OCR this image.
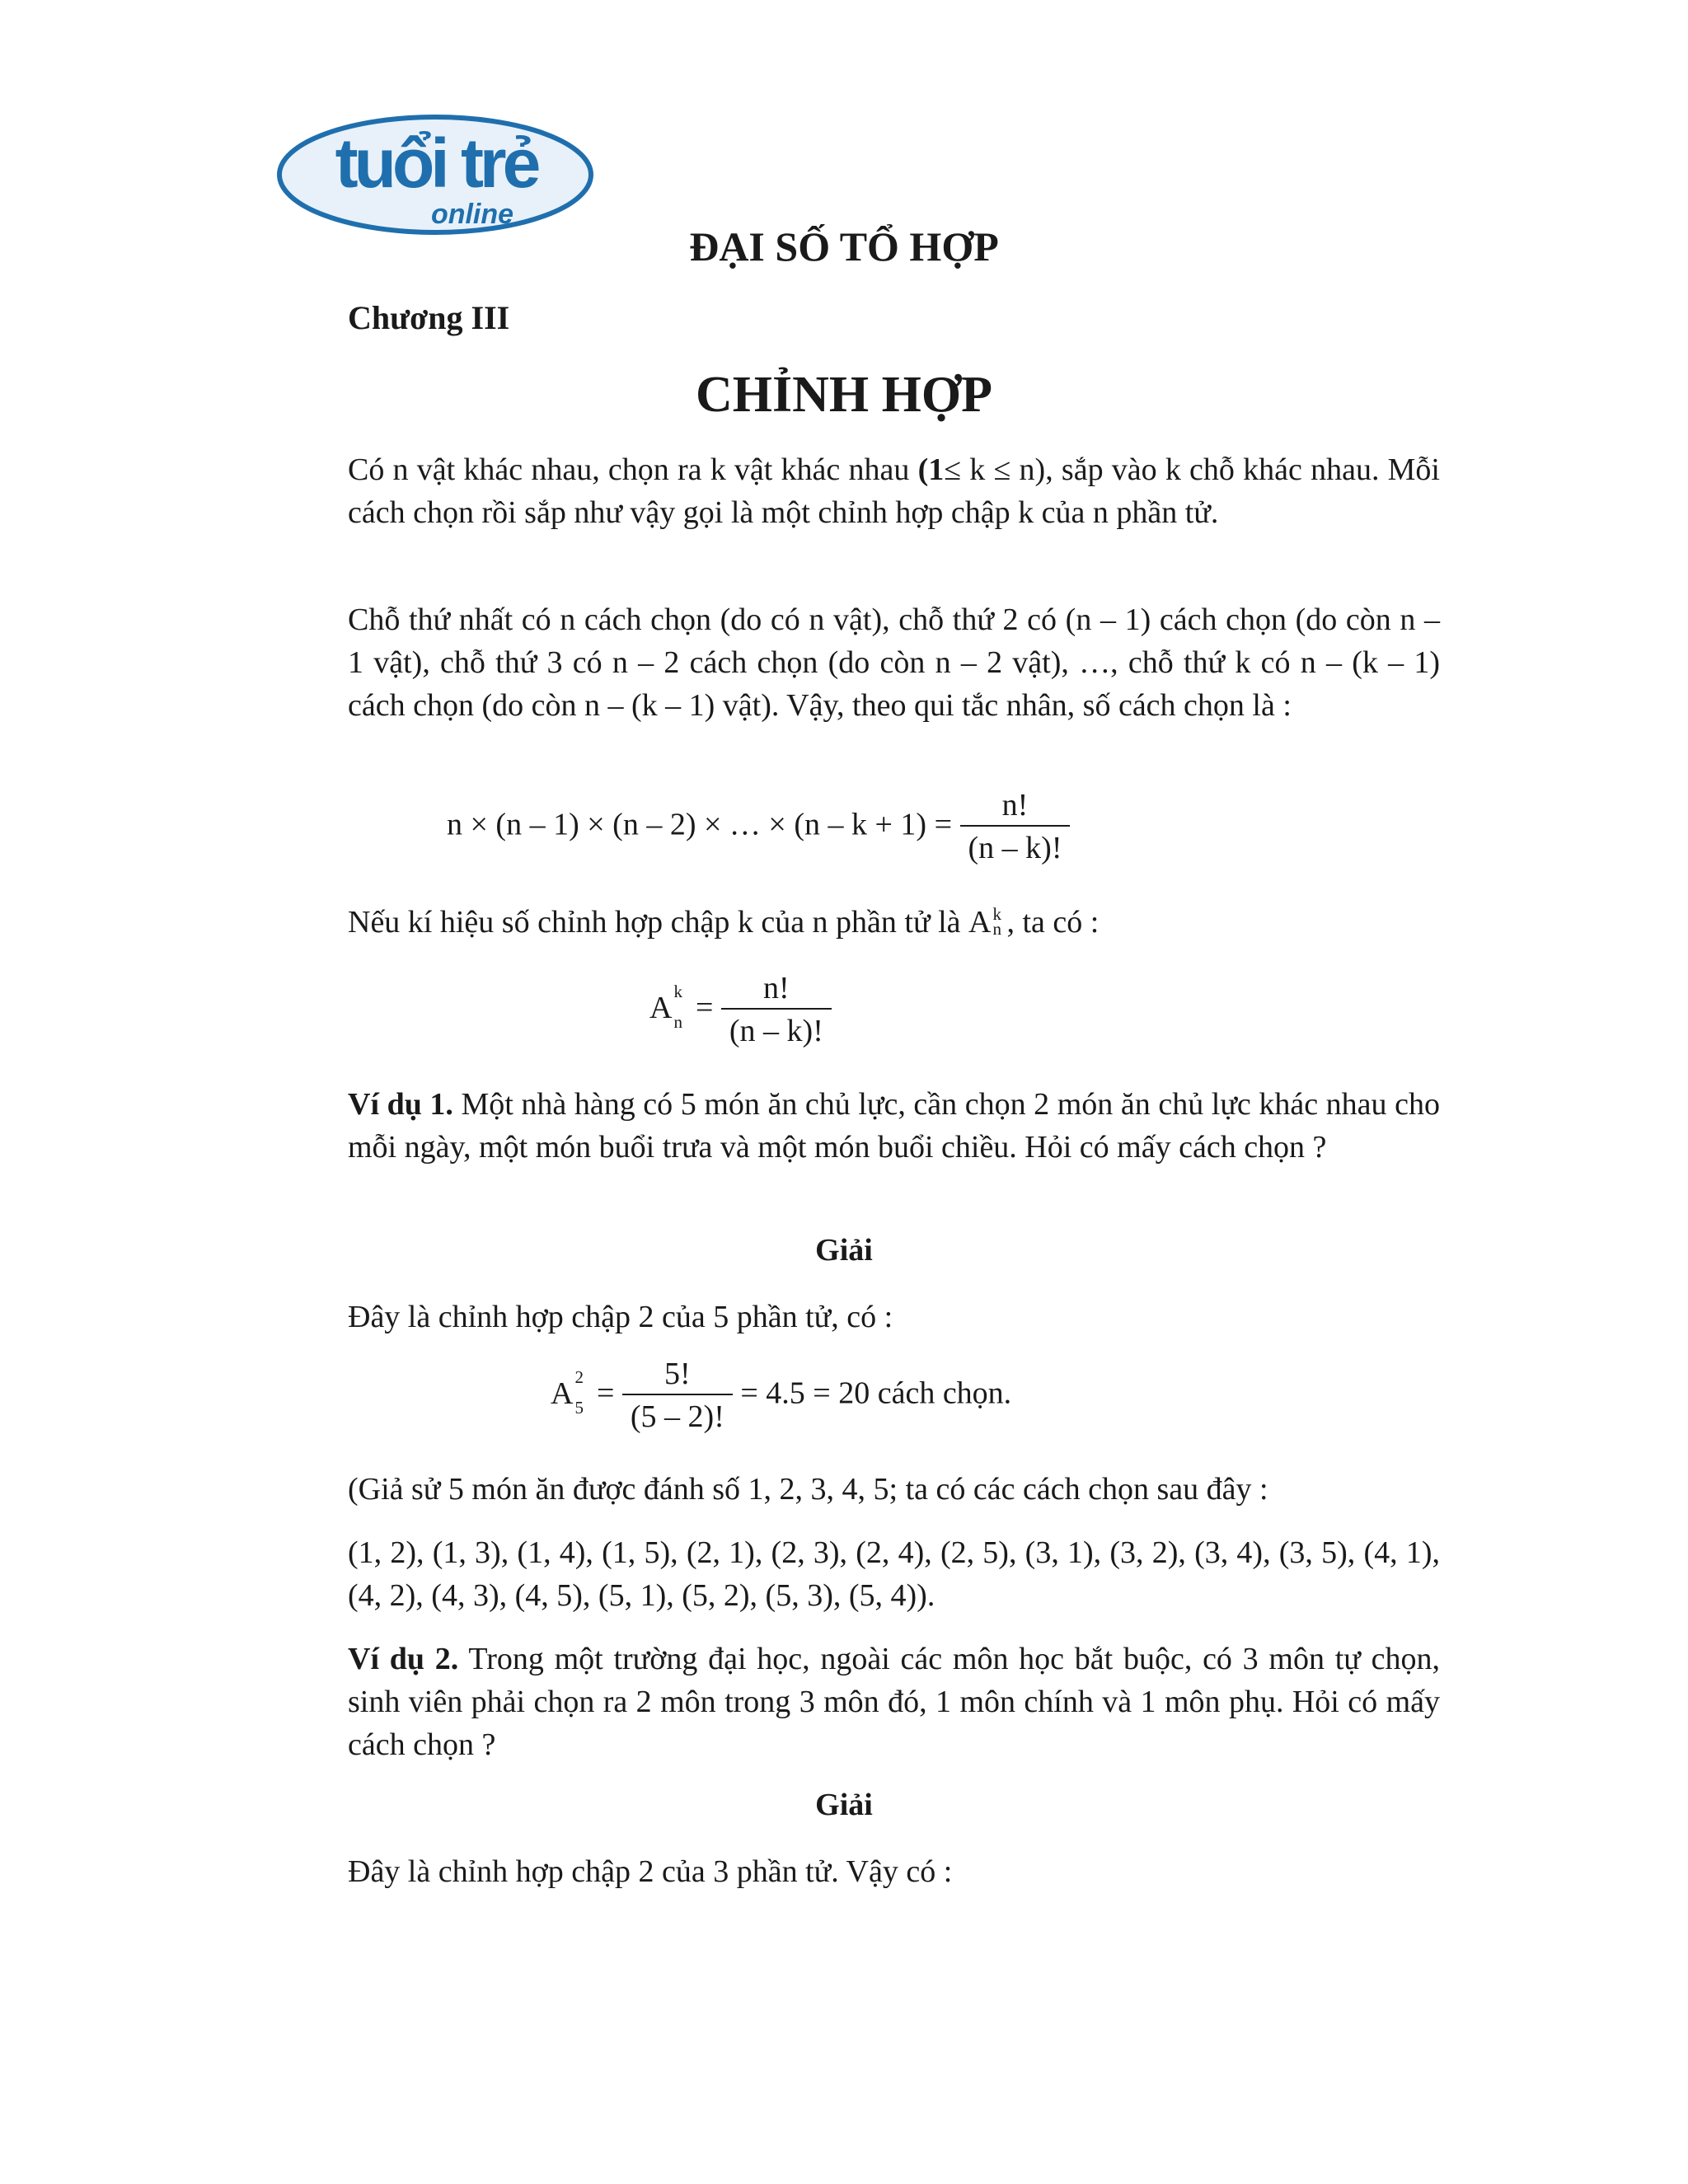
tuổi trẻ
online
ĐẠI SỐ TỔ HỢP
Chương III
CHỈNH HỢP

Có n vật khác nhau, chọn ra k vật khác nhau (1≤ k ≤ n), sắp vào k chỗ khác nhau. Mỗi cách chọn rồi sắp như vậy gọi là một chỉnh hợp chập k của n phần tử.

Chỗ thứ nhất có n cách chọn (do có n vật), chỗ thứ 2 có (n – 1) cách chọn (do còn n – 1 vật), chỗ thứ 3 có n – 2 cách chọn (do còn n – 2 vật), …, chỗ thứ k có n – (k – 1) cách chọn (do còn n – (k – 1) vật). Vậy, theo qui tắc nhân, số cách chọn là :

n × (n – 1) × (n – 2) × … × $(n - k + 1) = \frac{n!}{(n - k)!}$

Nếu kí hiệu số chỉnh hợp chập k của n phần tử là A k
n , ta có :

A k
$n = \frac{n!}{(n - k)!}$

Ví dụ 1. Một nhà hàng có 5 món ăn chủ lực, cần chọn 2 món ăn chủ lực khác nhau cho mỗi ngày, một món buổi trưa và một món buổi chiều. Hỏi có mấy cách chọn ?

Giải

Đây là chỉnh hợp chập 2 của 5 phần tử, có :

A 2
$5 = \frac{5!}{(5 - 2)!} = 4.5 = 20$ cách chọn.

(Giả sử 5 món ăn được đánh số 1, 2, 3, 4, 5; ta có các cách chọn sau đây :

(1, 2), (1, 3), (1, 4), (1, 5), (2, 1), (2, 3), (2, 4), (2, 5), (3, 1), (3, 2), (3, 4), (3, 5), (4, 1), (4, 2), (4, 3), (4, 5), (5, 1), (5, 2), (5, 3), (5, 4)).

Ví dụ 2. Trong một trường đại học, ngoài các môn học bắt buộc, có 3 môn tự chọn, sinh viên phải chọn ra 2 môn trong 3 môn đó, 1 môn chính và 1 môn phụ. Hỏi có mấy cách chọn ?

Giải

Đây là chỉnh hợp chập 2 của 3 phần tử. Vậy có :
